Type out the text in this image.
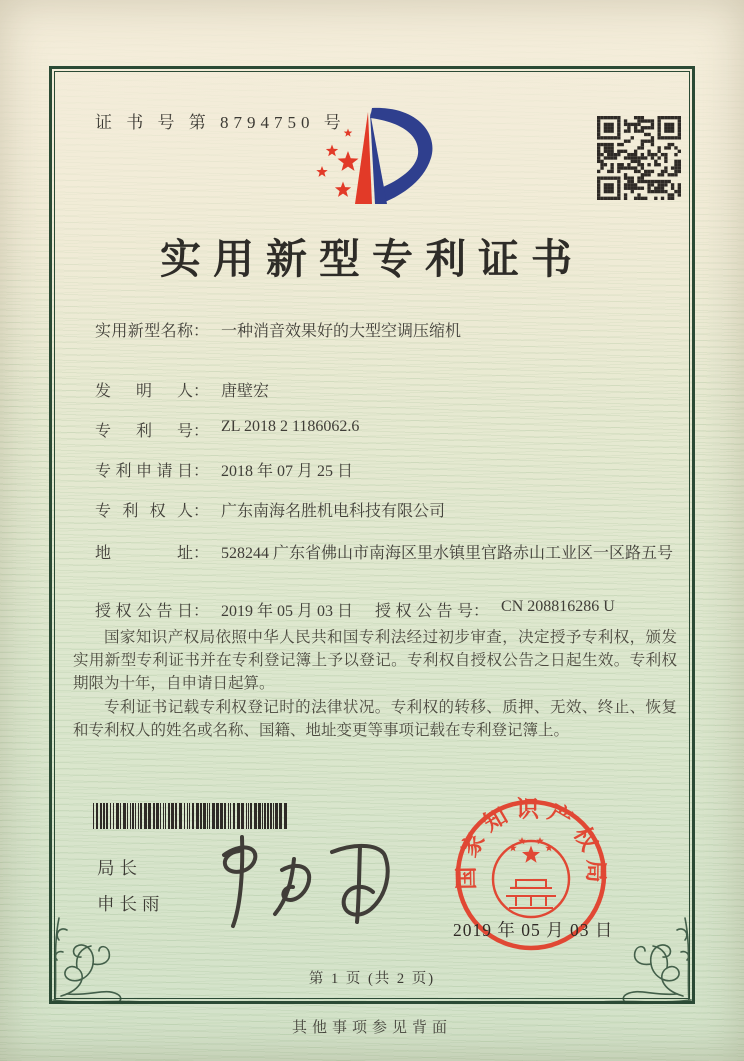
证 书 号 第 8794750 号
实用新型专利证书
实用新型名称： 一种消音效果好的大型空调压缩机
发明人： 唐壁宏
专利号： ZL 2018 2 1186062.6
专利申请日： 2018 年 07 月 25 日
专利权人： 广东南海名胜机电科技有限公司
地址： 528244 广东省佛山市南海区里水镇里官路赤山工业区一区路五号
授权公告日： 2019 年 05 月 03 日 授权公告号： CN 208816286 U

国家知识产权局依照中华人民共和国专利法经过初步审查，决定授予专利权，颁发实用新型专利证书并在专利登记簿上予以登记。专利权自授权公告之日起生效。专利权期限为十年，自申请日起算。

专利证书记载专利权登记时的法律状况。专利权的转移、质押、无效、终止、恢复和专利权人的姓名或名称、国籍、地址变更等事项记载在专利登记簿上。

局长
申长雨
国家知识产权局
2019 年 05 月 03 日
第 1 页 (共 2 页)
其他事项参见背面
